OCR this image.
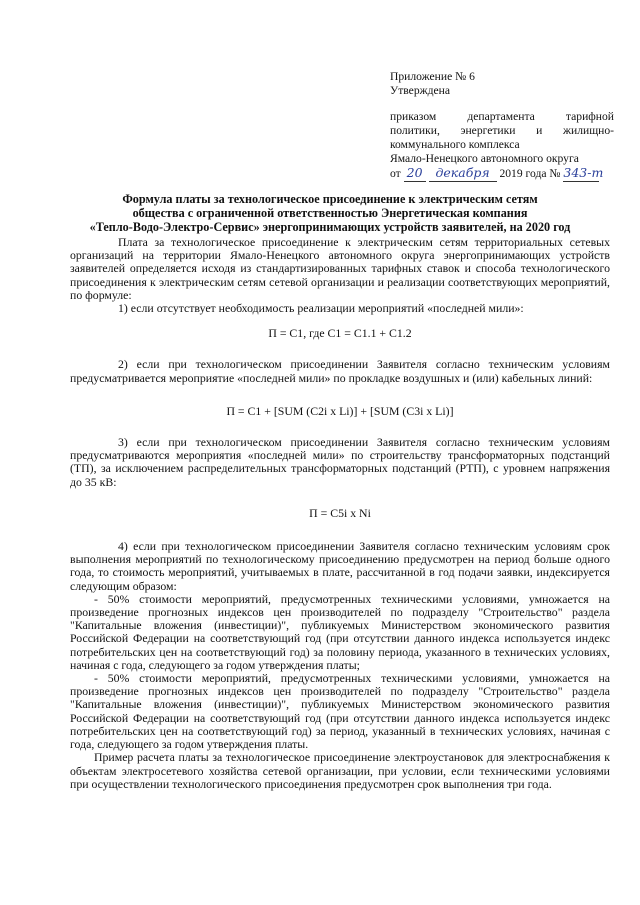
Приложение № 6
Утверждена
приказом департамента тарифной
политики, энергетики и жилищно-
коммунального комплекса
Ямало-Ненецкого автономного округа
от 20 декабря 2019 года № 343-т
Формула платы за технологическое присоединение к электрическим сетям
общества с ограниченной ответственностью Энергетическая компания
«Тепло-Водо-Электро-Сервис» энергопринимающих устройств заявителей, на 2020 год

Плата за технологическое присоединение к электрическим сетям территориальных сетевых организаций на территории Ямало-Ненецкого автономного округа энергопринимающих устройств заявителей определяется исходя из стандартизированных тарифных ставок и способа технологического присоединения к электрическим сетям сетевой организации и реализации соответствующих мероприятий, по формуле:

1) если отсутствует необходимость реализации мероприятий «последней мили»:

П = C1, где C1 = C1.1 + C1.2

2) если при технологическом присоединении Заявителя согласно техническим условиям предусматривается мероприятие «последней мили» по прокладке воздушных и (или) кабельных линий:

П = C1 + [SUM (C2i x Li)] + [SUM (C3i x Li)]

3) если при технологическом присоединении Заявителя согласно техническим условиям предусматриваются мероприятия «последней мили» по строительству трансформаторных подстанций (ТП), за исключением распределительных трансформаторных подстанций (РТП), с уровнем напряжения до 35 кВ:

П = C5i x Ni

4) если при технологическом присоединении Заявителя согласно техническим условиям срок выполнения мероприятий по технологическому присоединению предусмотрен на период больше одного года, то стоимость мероприятий, учитываемых в плате, рассчитанной в год подачи заявки, индексируется следующим образом:

- 50% стоимости мероприятий, предусмотренных техническими условиями, умножается на произведение прогнозных индексов цен производителей по подразделу "Строительство" раздела "Капитальные вложения (инвестиции)", публикуемых Министерством экономического развития Российской Федерации на соответствующий год (при отсутствии данного индекса используется индекс потребительских цен на соответствующий год) за половину периода, указанного в технических условиях, начиная с года, следующего за годом утверждения платы;

- 50% стоимости мероприятий, предусмотренных техническими условиями, умножается на произведение прогнозных индексов цен производителей по подразделу "Строительство" раздела "Капитальные вложения (инвестиции)", публикуемых Министерством экономического развития Российской Федерации на соответствующий год (при отсутствии данного индекса используется индекс потребительских цен на соответствующий год) за период, указанный в технических условиях, начиная с года, следующего за годом утверждения платы.

Пример расчета платы за технологическое присоединение электроустановок для электроснабжения к объектам электросетевого хозяйства сетевой организации, при условии, если техническими условиями при осуществлении технологического присоединения предусмотрен срок выполнения три года.
